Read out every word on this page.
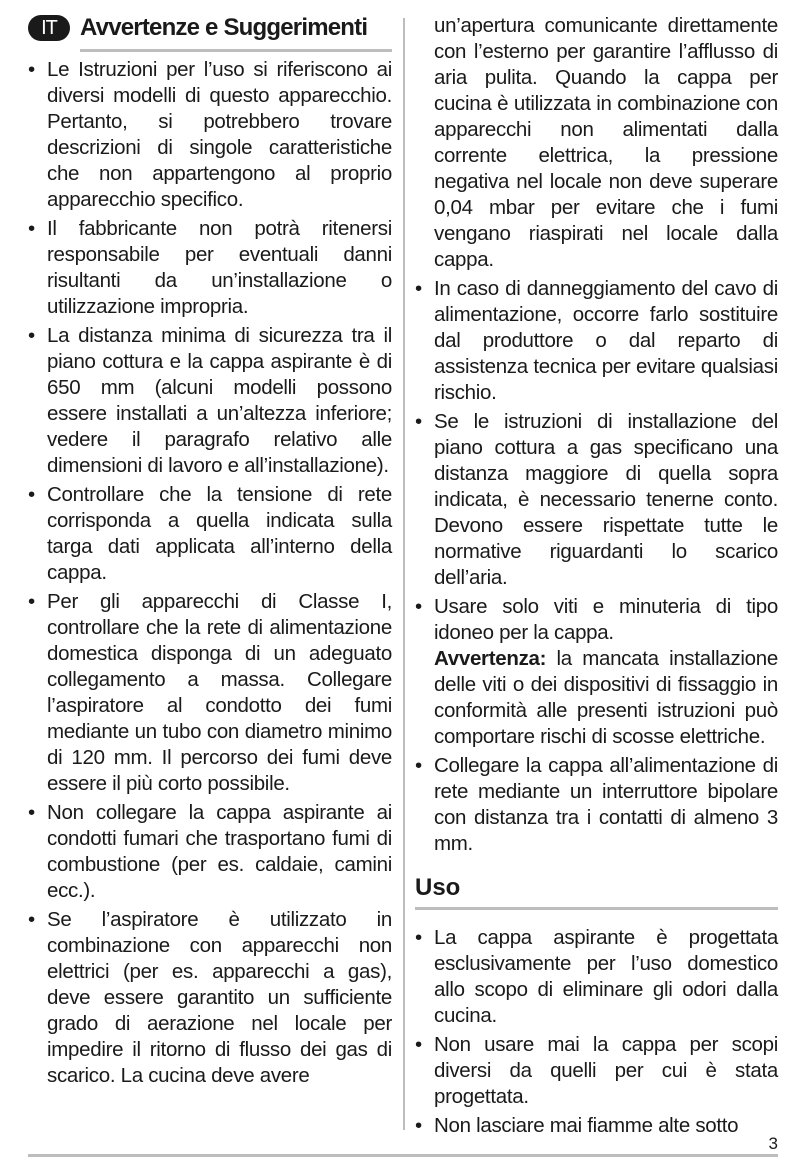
IT Avvertenze e Suggerimenti
• Le Istruzioni per l’uso si riferiscono ai diversi modelli di questo apparecchio. Pertanto, si potrebbero trovare descrizioni di singole caratteristiche che non appartengono al proprio apparecchio specifico.
• Il fabbricante non potrà ritenersi responsabile per eventuali danni risultanti da un’installazione o utilizzazione impropria.
• La distanza minima di sicurezza tra il piano cottura e la cappa aspirante è di 650 mm (alcuni modelli possono essere installati a un’altezza inferiore; vedere il paragrafo relativo alle dimensioni di lavoro e all’installazione).
• Controllare che la tensione di rete corrisponda a quella indicata sulla targa dati applicata all’interno della cappa.
• Per gli apparecchi di Classe I, controllare che la rete di alimentazione domestica disponga di un adeguato collegamento a massa. Collegare l’aspiratore al condotto dei fumi mediante un tubo con diametro minimo di 120 mm. Il percorso dei fumi deve essere il più corto possibile.
• Non collegare la cappa aspirante ai condotti fumari che trasportano fumi di combustione (per es. caldaie, camini ecc.).
• Se l’aspiratore è utilizzato in combinazione con apparecchi non elettrici (per es. apparecchi a gas), deve essere garantito un sufficiente grado di aerazione nel locale per impedire il ritorno di flusso dei gas di scarico. La cucina deve avere
un’apertura comunicante direttamente con l’esterno per garantire l’afflusso di aria pulita. Quando la cappa per cucina è utilizzata in combinazione con apparecchi non alimentati dalla corrente elettrica, la pressione negativa nel locale non deve superare 0,04 mbar per evitare che i fumi vengano riaspirati nel locale dalla cappa.
• In caso di danneggiamento del cavo di alimentazione, occorre farlo sostituire dal produttore o dal reparto di assistenza tecnica per evitare qualsiasi rischio.
• Se le istruzioni di installazione del piano cottura a gas specificano una distanza maggiore di quella sopra indicata, è necessario tenerne conto. Devono essere rispettate tutte le normative riguardanti lo scarico dell’aria.
• Usare solo viti e minuteria di tipo idoneo per la cappa.
Avvertenza: la mancata installazione delle viti o dei dispositivi di fissaggio in conformità alle presenti istruzioni può comportare rischi di scosse elettriche.
• Collegare la cappa all’alimentazione di rete mediante un interruttore bipolare con distanza tra i contatti di almeno 3 mm.
Uso
• La cappa aspirante è progettata esclusivamente per l’uso domestico allo scopo di eliminare gli odori dalla cucina.
• Non usare mai la cappa per scopi diversi da quelli per cui è stata progettata.
• Non lasciare mai fiamme alte sotto
3
